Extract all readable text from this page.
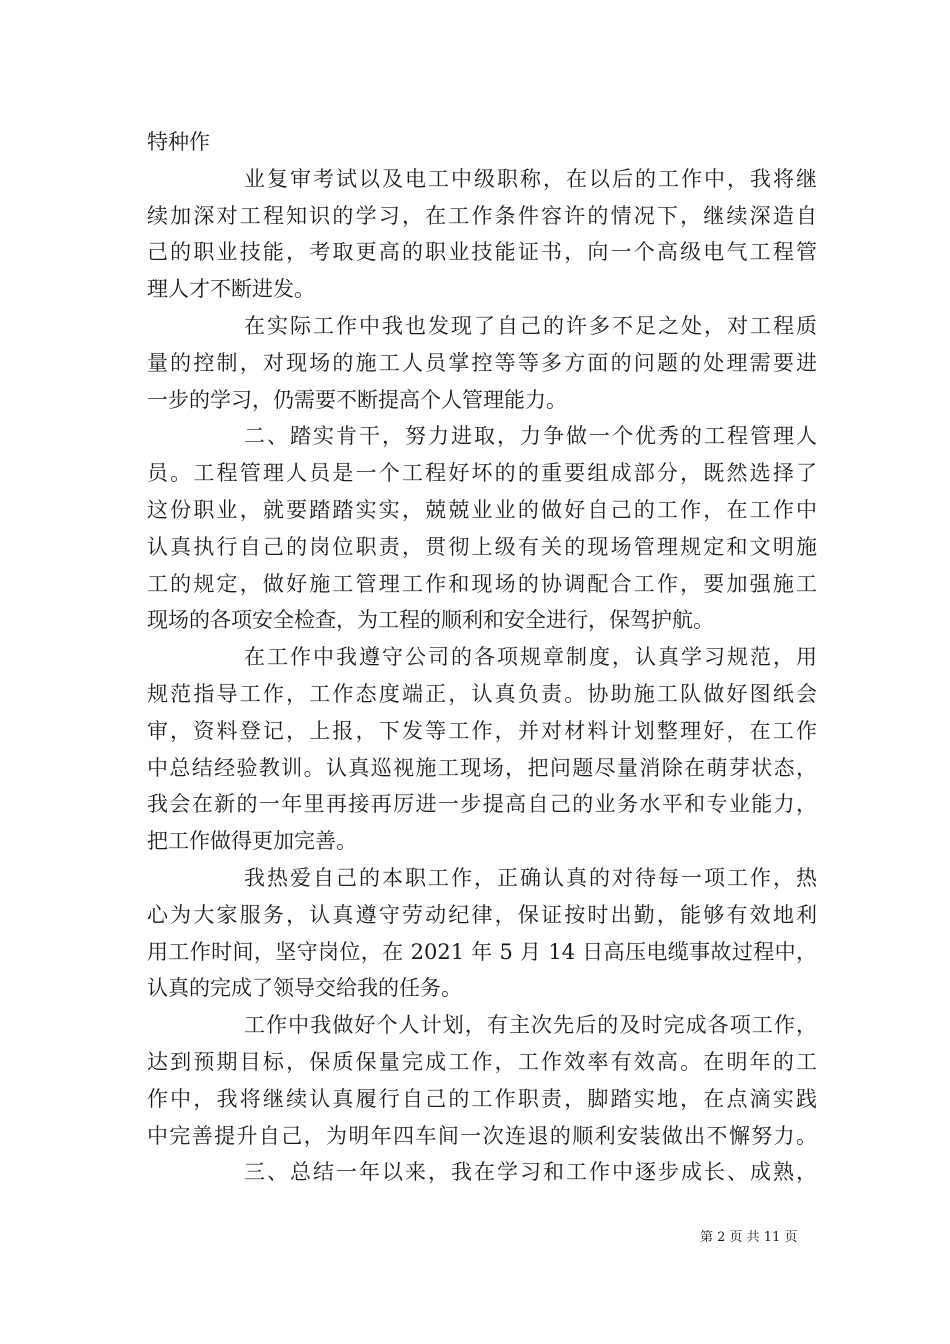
特种作
业复审考试以及电工中级职称，在以后的工作中，我将继
续加深对工程知识的学习，在工作条件容许的情况下，继续深造自
己的职业技能，考取更高的职业技能证书，向一个高级电气工程管
理人才不断进发。
在实际工作中我也发现了自己的许多不足之处，对工程质
量的控制，对现场的施工人员掌控等等多方面的问题的处理需要进
一步的学习，仍需要不断提高个人管理能力。
二、踏实肯干，努力进取，力争做一个优秀的工程管理人
员。工程管理人员是一个工程好坏的的重要组成部分，既然选择了
这份职业，就要踏踏实实，兢兢业业的做好自己的工作，在工作中
认真执行自己的岗位职责，贯彻上级有关的现场管理规定和文明施
工的规定，做好施工管理工作和现场的协调配合工作，要加强施工
现场的各项安全检查，为工程的顺利和安全进行，保驾护航。
在工作中我遵守公司的各项规章制度，认真学习规范，用
规范指导工作，工作态度端正，认真负责。协助施工队做好图纸会
审，资料登记，上报，下发等工作，并对材料计划整理好，在工作
中总结经验教训。认真巡视施工现场，把问题尽量消除在萌芽状态，
我会在新的一年里再接再厉进一步提高自己的业务水平和专业能力，
把工作做得更加完善。
我热爱自己的本职工作，正确认真的对待每一项工作，热
心为大家服务，认真遵守劳动纪律，保证按时出勤，能够有效地利
用工作时间，坚守岗位，在 2021 年 5 月 14 日高压电缆事故过程中，
认真的完成了领导交给我的任务。
工作中我做好个人计划，有主次先后的及时完成各项工作，
达到预期目标，保质保量完成工作，工作效率有效高。在明年的工
作中，我将继续认真履行自己的工作职责，脚踏实地，在点滴实践
中完善提升自己，为明年四车间一次连退的顺利安装做出不懈努力。
三、总结一年以来，我在学习和工作中逐步成长、成熟，
第 2 页 共 11 页
